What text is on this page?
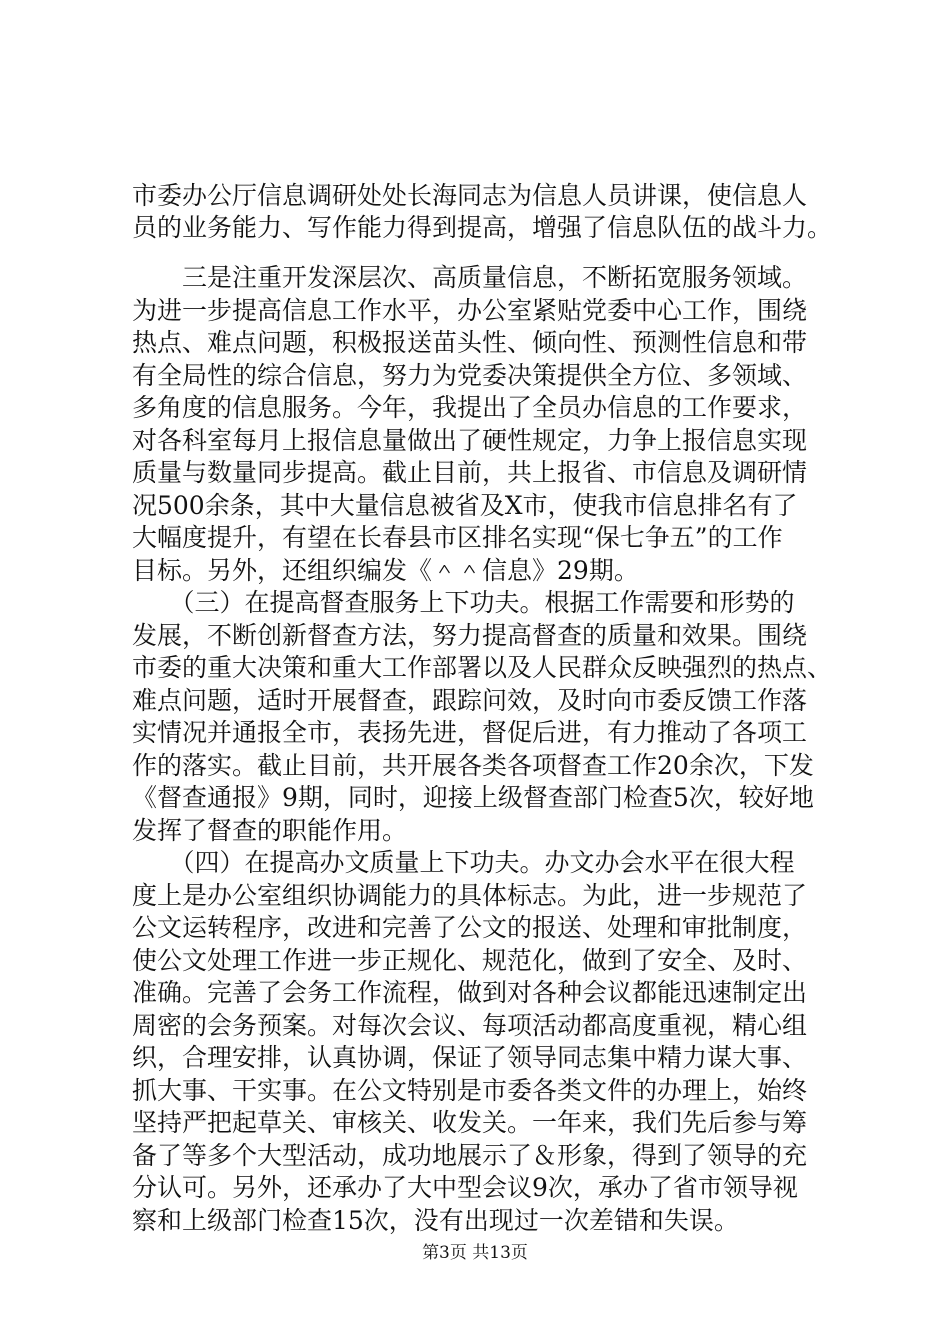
市委办公厅信息调研处处长海同志为信息人员讲课，使信息人
员的业务能力、写作能力得到提高，增强了信息队伍的战斗力。
　　三是注重开发深层次、高质量信息，不断拓宽服务领域。
为进一步提高信息工作水平，办公室紧贴党委中心工作，围绕
热点、难点问题，积极报送苗头性、倾向性、预测性信息和带
有全局性的综合信息，努力为党委决策提供全方位、多领域、
多角度的信息服务。今年，我提出了全员办信息的工作要求，
对各科室每月上报信息量做出了硬性规定，力争上报信息实现
质量与数量同步提高。截止目前，共上报省、市信息及调研情
况500余条，其中大量信息被省及X市，使我市信息排名有了
大幅度提升，有望在长春县市区排名实现“保七争五”的工作
目标。另外，还组织编发《＾＾信息》29期。
　　（三）在提高督查服务上下功夫。根据工作需要和形势的
发展，不断创新督查方法，努力提高督查的质量和效果。围绕
市委的重大决策和重大工作部署以及人民群众反映强烈的热点、
难点问题，适时开展督查，跟踪问效，及时向市委反馈工作落
实情况并通报全市，表扬先进，督促后进，有力推动了各项工
作的落实。截止目前，共开展各类各项督查工作20余次，下发
《督查通报》9期，同时，迎接上级督查部门检查5次，较好地
发挥了督查的职能作用。
　　（四）在提高办文质量上下功夫。办文办会水平在很大程
度上是办公室组织协调能力的具体标志。为此，进一步规范了
公文运转程序，改进和完善了公文的报送、处理和审批制度，
使公文处理工作进一步正规化、规范化，做到了安全、及时、
准确。完善了会务工作流程，做到对各种会议都能迅速制定出
周密的会务预案。对每次会议、每项活动都高度重视，精心组
织，合理安排，认真协调，保证了领导同志集中精力谋大事、
抓大事、干实事。在公文特别是市委各类文件的办理上，始终
坚持严把起草关、审核关、收发关。一年来，我们先后参与筹
备了等多个大型活动，成功地展示了＆形象，得到了领导的充
分认可。另外，还承办了大中型会议9次，承办了省市领导视
察和上级部门检查15次，没有出现过一次差错和失误。
第3页 共13页
